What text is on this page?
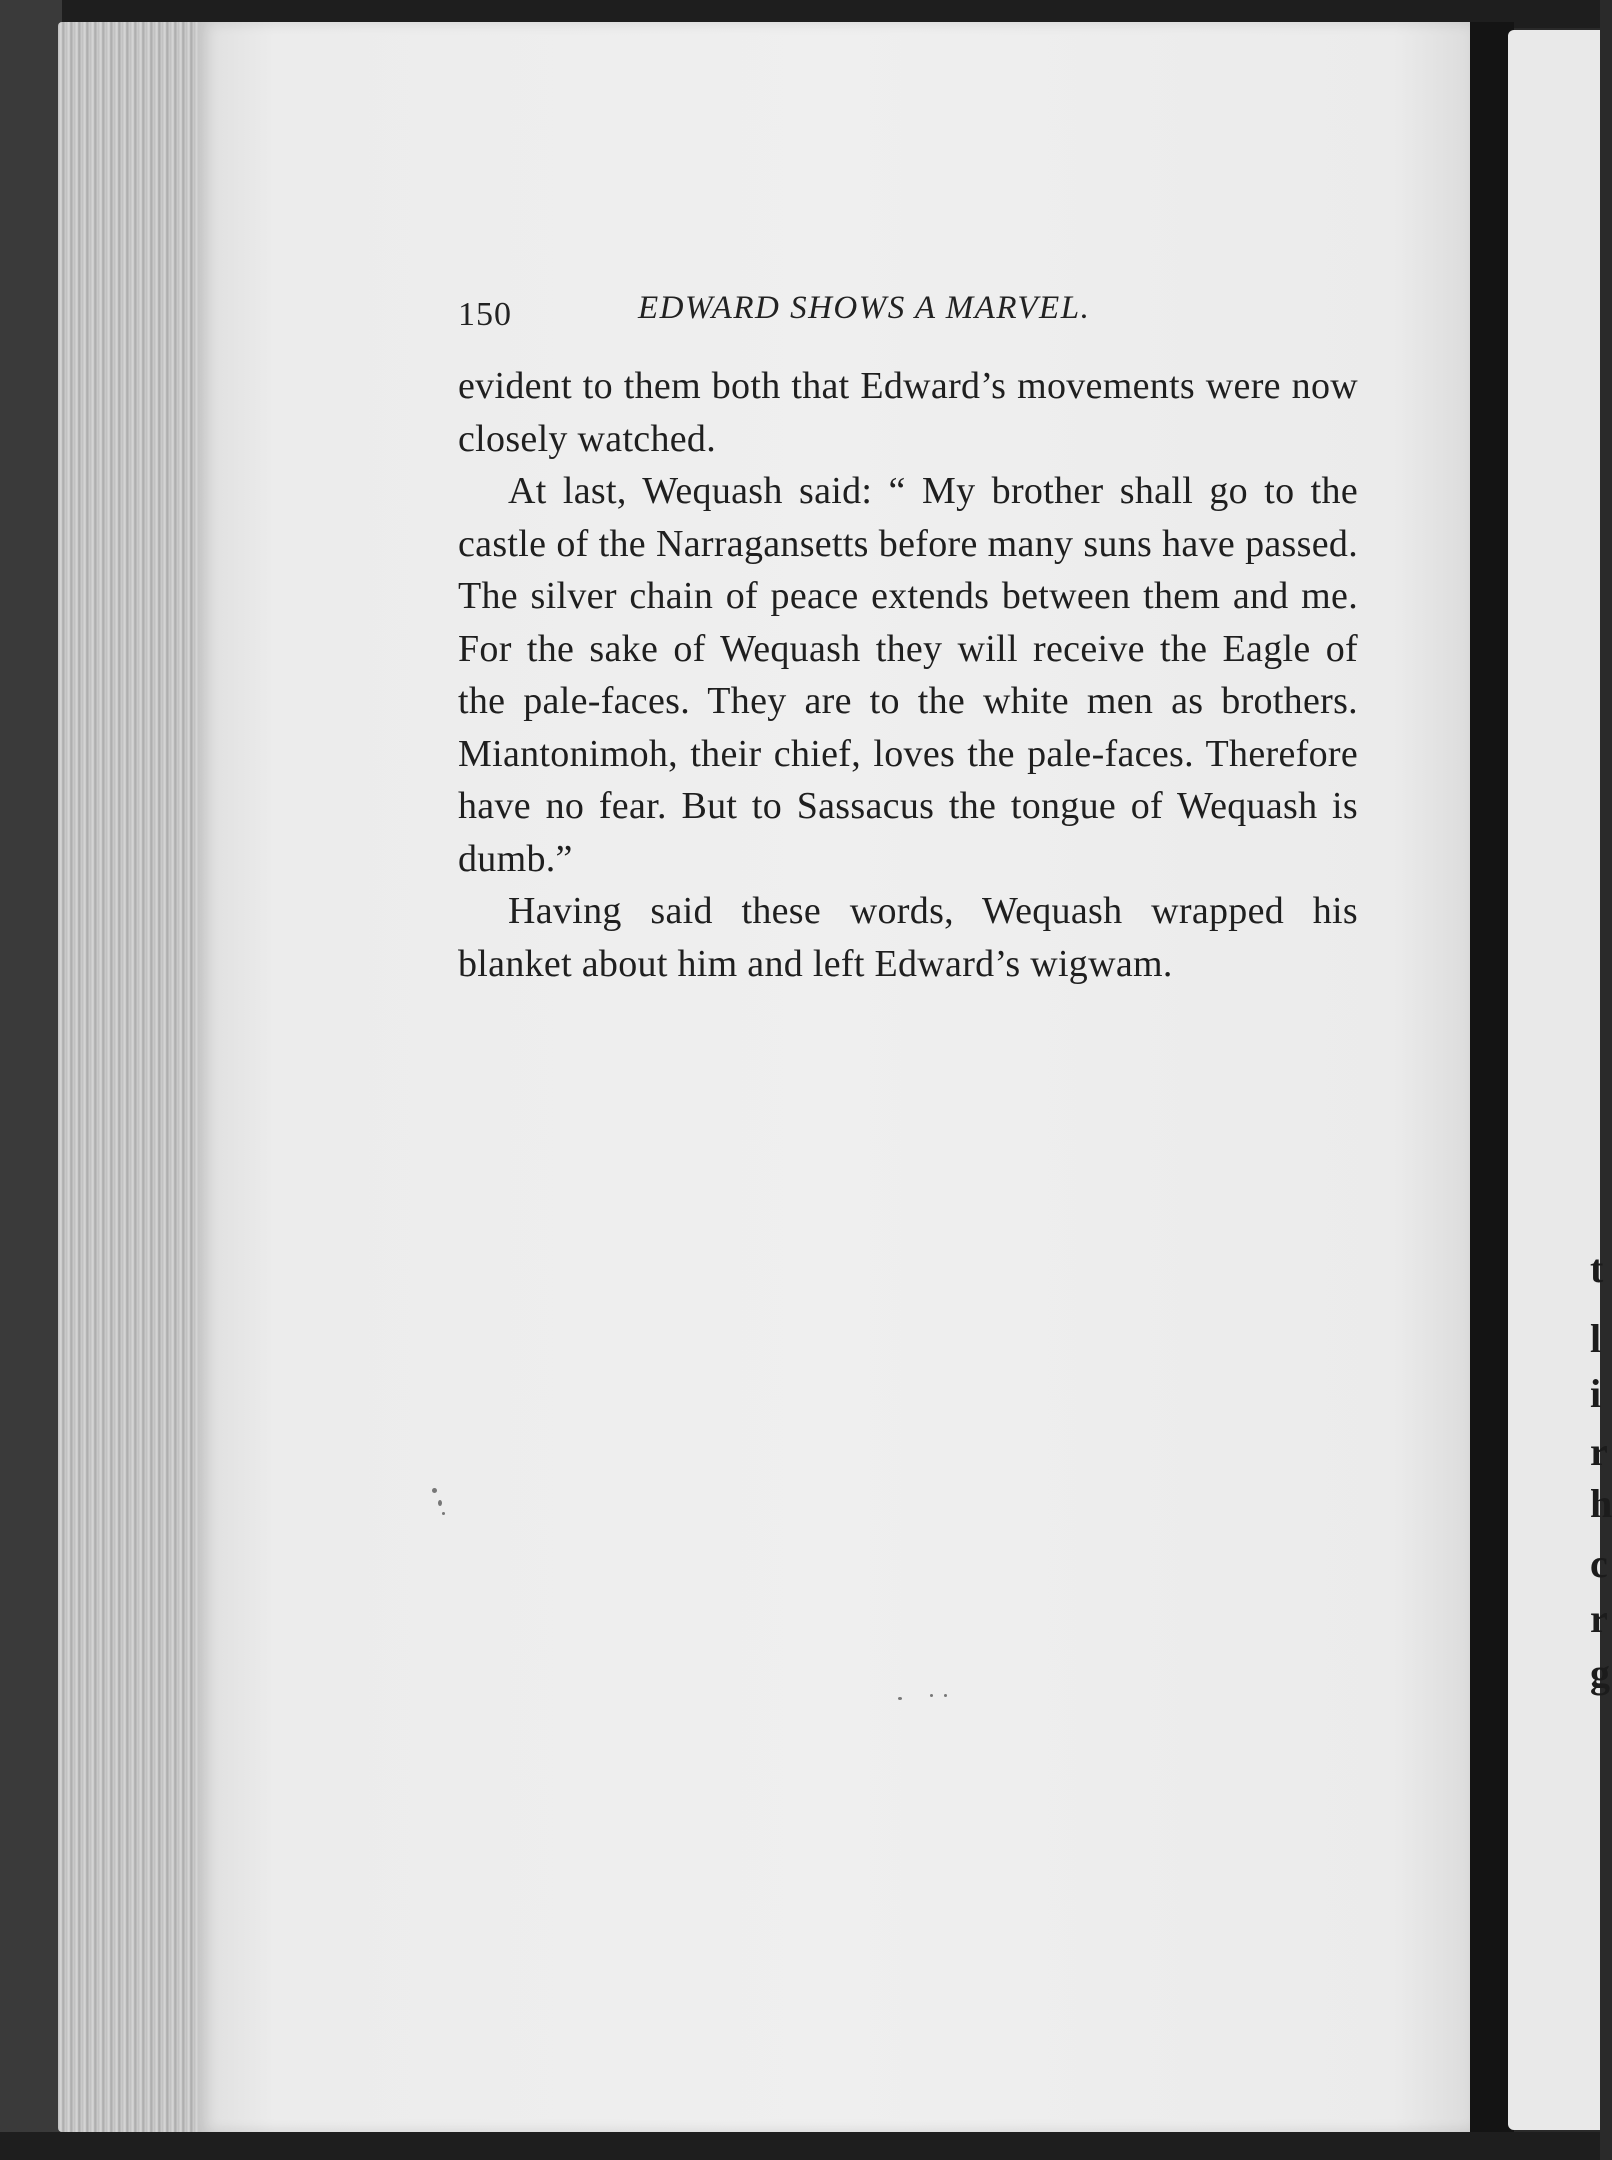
t
l
i
r
h
c
r
g
150	EDWARD SHOWS A MARVEL.

evident to them both that Edward’s movements were now closely watched.

At last, Wequash said: “ My brother shall go to the castle of the Narragansetts before many suns have passed. The silver chain of peace extends between them and me. For the sake of Wequash they will receive the Eagle of the pale-faces. They are to the white men as brothers. Miantonimoh, their chief, loves the pale-faces. Therefore have no fear. But to Sassacus the tongue of Wequash is dumb.”

Having said these words, Wequash wrapped his blanket about him and left Edward’s wigwam.
